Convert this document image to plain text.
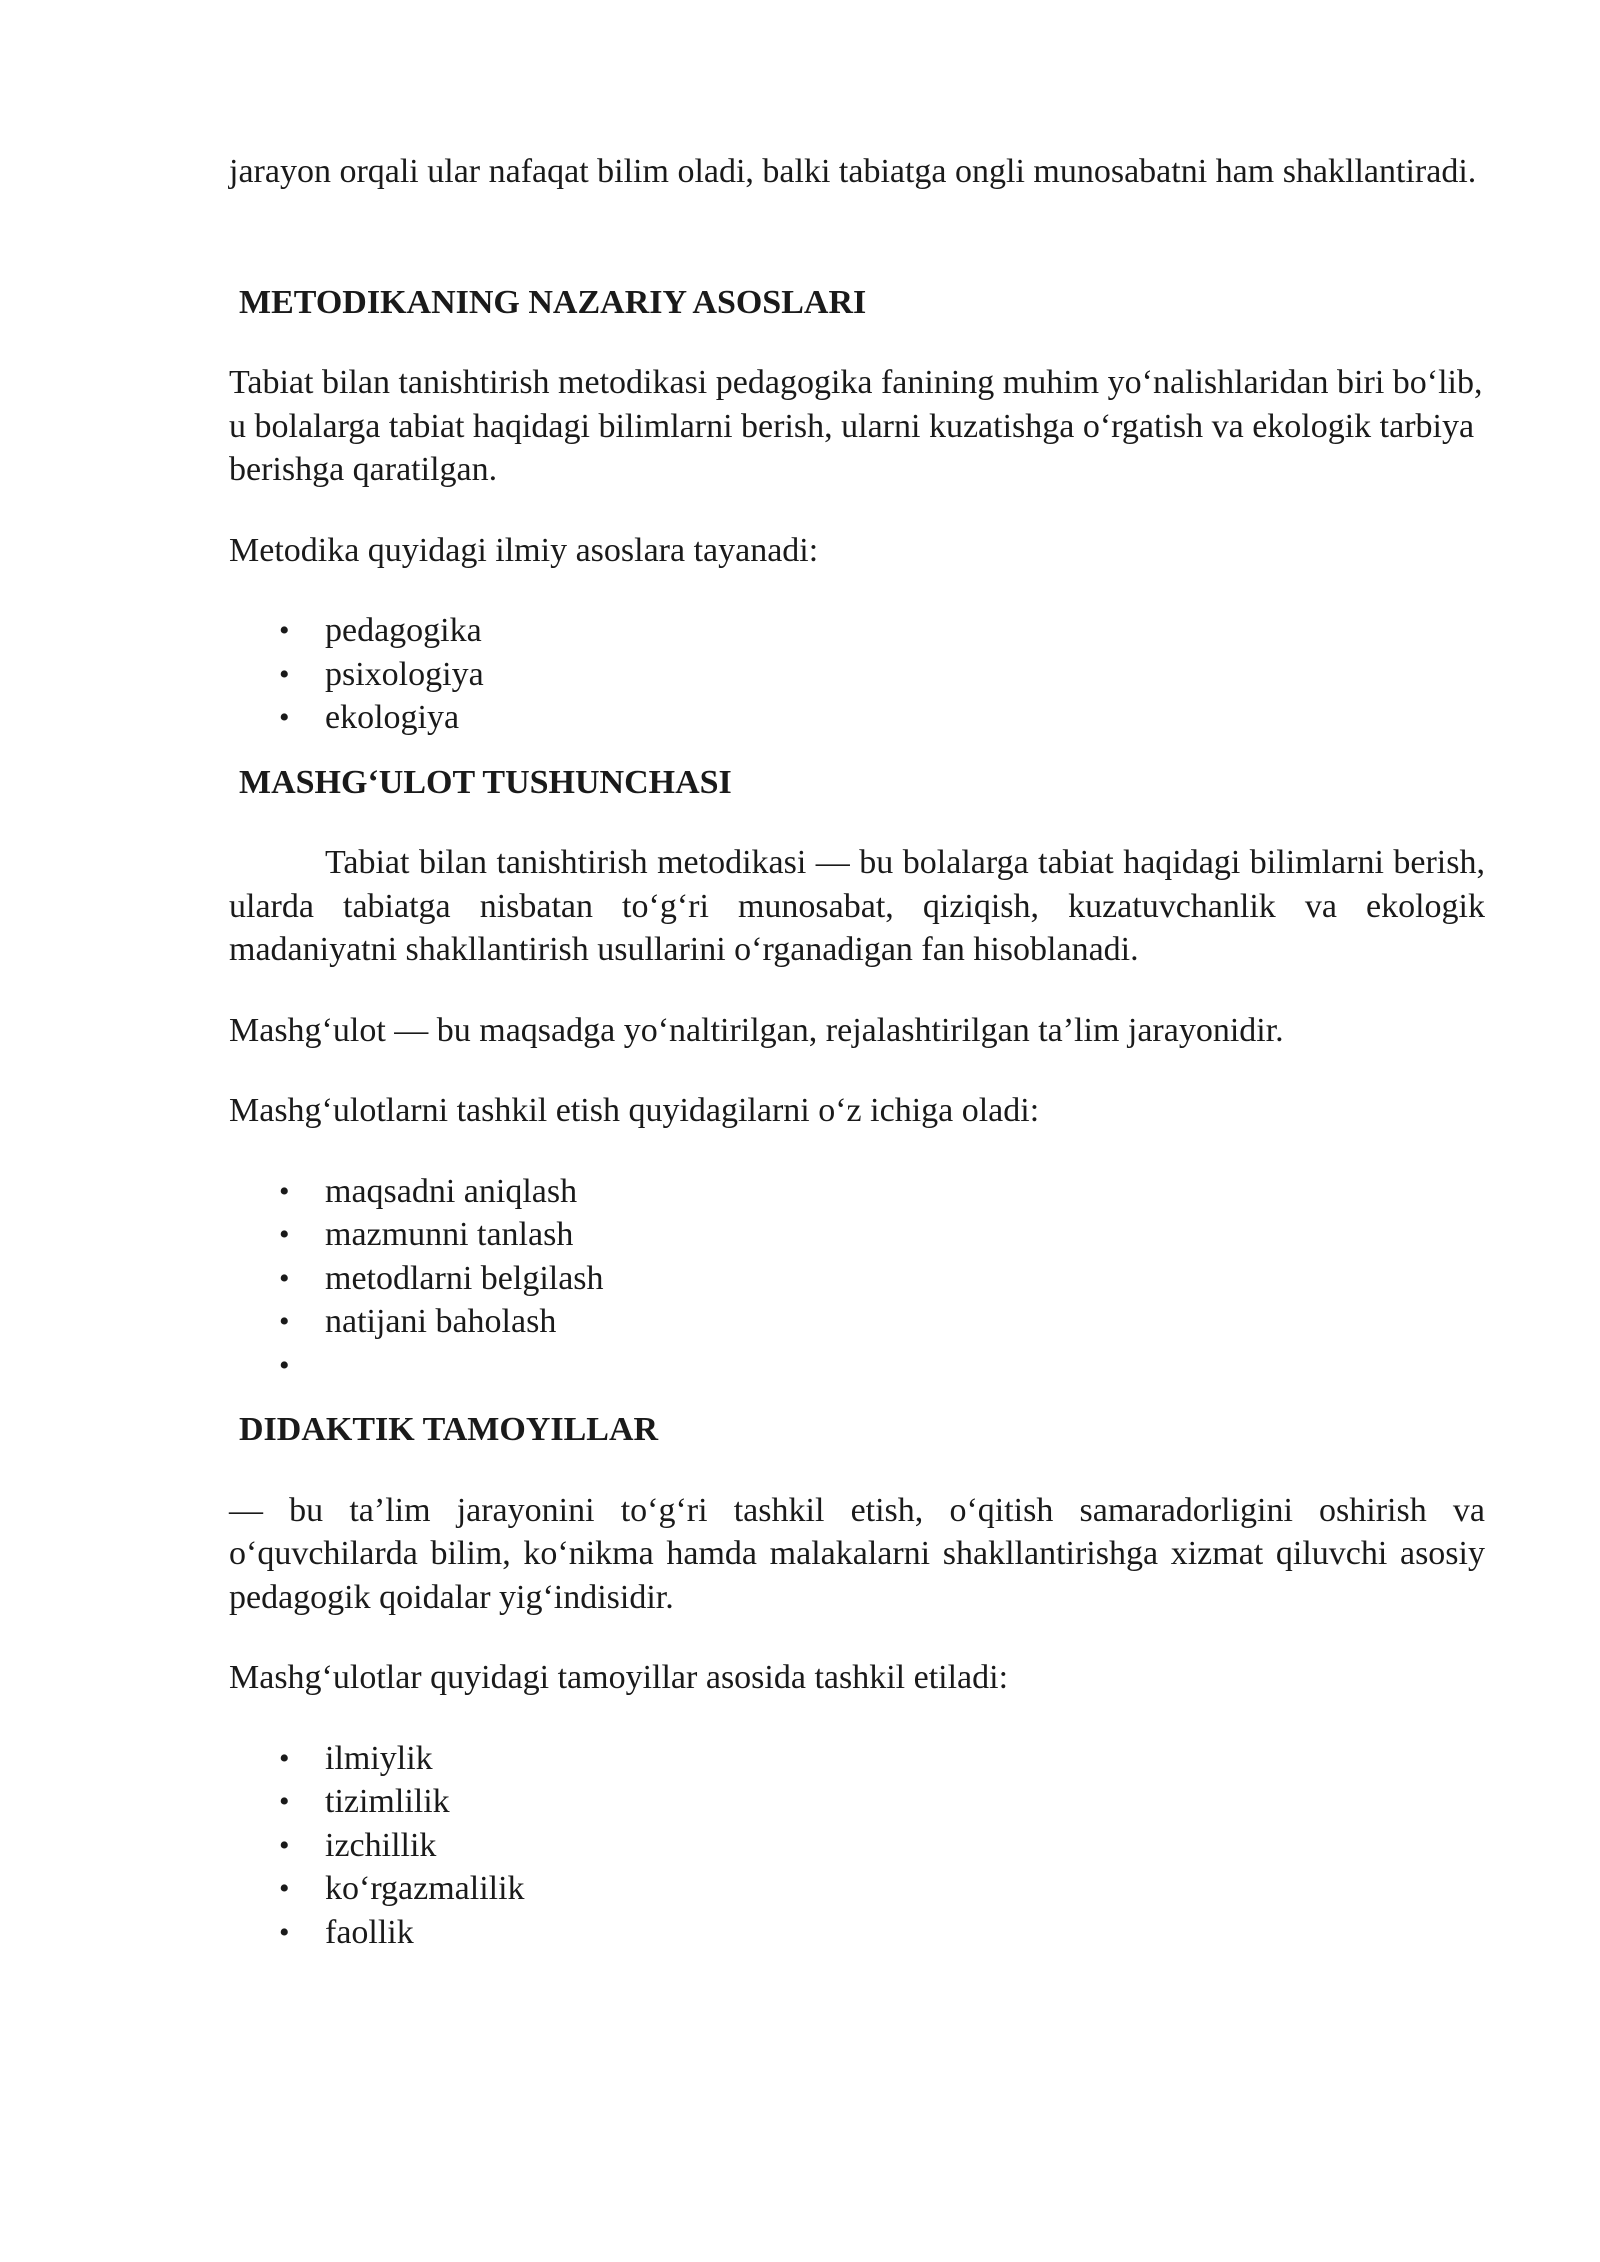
jarayon orqali ular nafaqat bilim oladi, balki tabiatga ongli munosabatni ham shakllantiradi.

METODIKANING NAZARIY ASOSLARI

Tabiat bilan tanishtirish metodikasi pedagogika fanining muhim yo‘nalishlaridan biri bo‘lib, u bolalarga tabiat haqidagi bilimlarni berish, ularni kuzatishga o‘rgatish va ekologik tarbiya berishga qaratilgan.

Metodika quyidagi ilmiy asoslara tayanadi:

• pedagogika
• psixologiya
• ekologiya
MASHG‘ULOT TUSHUNCHASI

Tabiat bilan tanishtirish metodikasi — bu bolalarga tabiat haqidagi bilimlarni berish, ularda tabiatga nisbatan to‘g‘ri munosabat, qiziqish, kuzatuvchanlik va ekologik madaniyatni shakllantirish usullarini o‘rganadigan fan hisoblanadi.

Mashg‘ulot — bu maqsadga yo‘naltirilgan, rejalashtirilgan ta’lim jarayonidir.

Mashg‘ulotlarni tashkil etish quyidagilarni o‘z ichiga oladi:

• maqsadni aniqlash
• mazmunni tanlash
• metodlarni belgilash
• natijani baholash
•
DIDAKTIK TAMOYILLAR

— bu ta’lim jarayonini to‘g‘ri tashkil etish, o‘qitish samaradorligini oshirish va o‘quvchilarda bilim, ko‘nikma hamda malakalarni shakllantirishga xizmat qiluvchi asosiy pedagogik qoidalar yig‘indisidir.

Mashg‘ulotlar quyidagi tamoyillar asosida tashkil etiladi:

• ilmiylik
• tizimlilik
• izchillik
• ko‘rgazmalilik
• faollik
